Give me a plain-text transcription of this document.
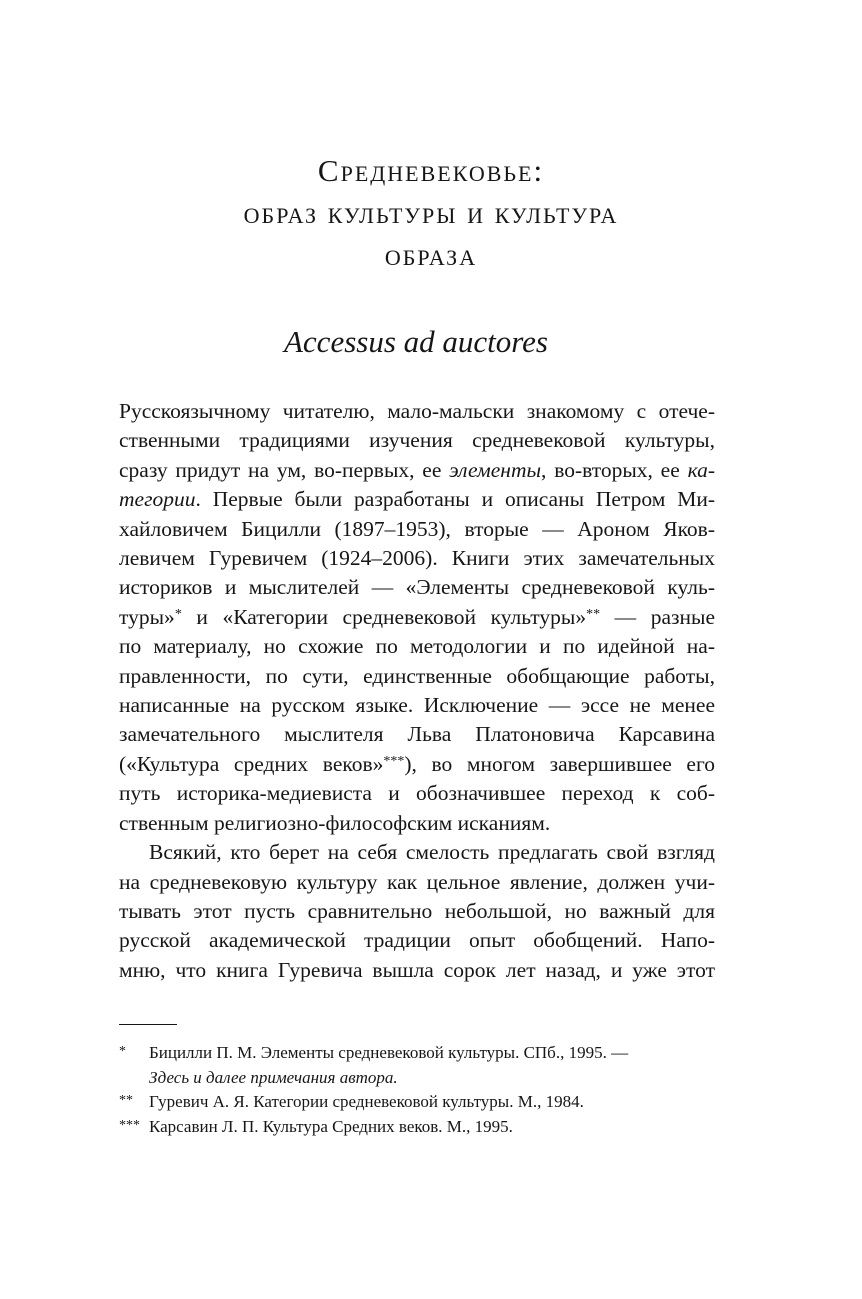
Средневековье:
образ культуры и культура
образа
Accessus ad auctores
Русскоязычному читателю, мало-мальски знакомому с отече-
ственными традициями изучения средневековой культуры,
сразу придут на ум, во-первых, ее элементы, во-вторых, ее ка-
тегории. Первые были разработаны и описаны Петром Ми-
хайловичем Бицилли (1897–1953), вторые — Ароном Яков-
левичем Гуревичем (1924–2006). Книги этих замечательных
историков и мыслителей — «Элементы средневековой куль-
туры»* и «Категории средневековой культуры»** — разные
по материалу, но схожие по методологии и по идейной на-
правленности, по сути, единственные обобщающие работы,
написанные на русском языке. Исключение — эссе не менее
замечательного мыслителя Льва Платоновича Карсавина
(«Культура средних веков»***), во многом завершившее его
путь историка-медиевиста и обозначившее переход к соб-
ственным религиозно-философским исканиям.
Всякий, кто берет на себя смелость предлагать свой взгляд
на средневековую культуру как цельное явление, должен учи-
тывать этот пусть сравнительно небольшой, но важный для
русской академической традиции опыт обобщений. Напо-
мню, что книга Гуревича вышла сорок лет назад, и уже этот

* Бицилли П. М. Элементы средневековой культуры. СПб., 1995. —
Здесь и далее примечания автора.

** Гуревич А. Я. Категории средневековой культуры. М., 1984.

*** Карсавин Л. П. Культура Средних веков. М., 1995.
